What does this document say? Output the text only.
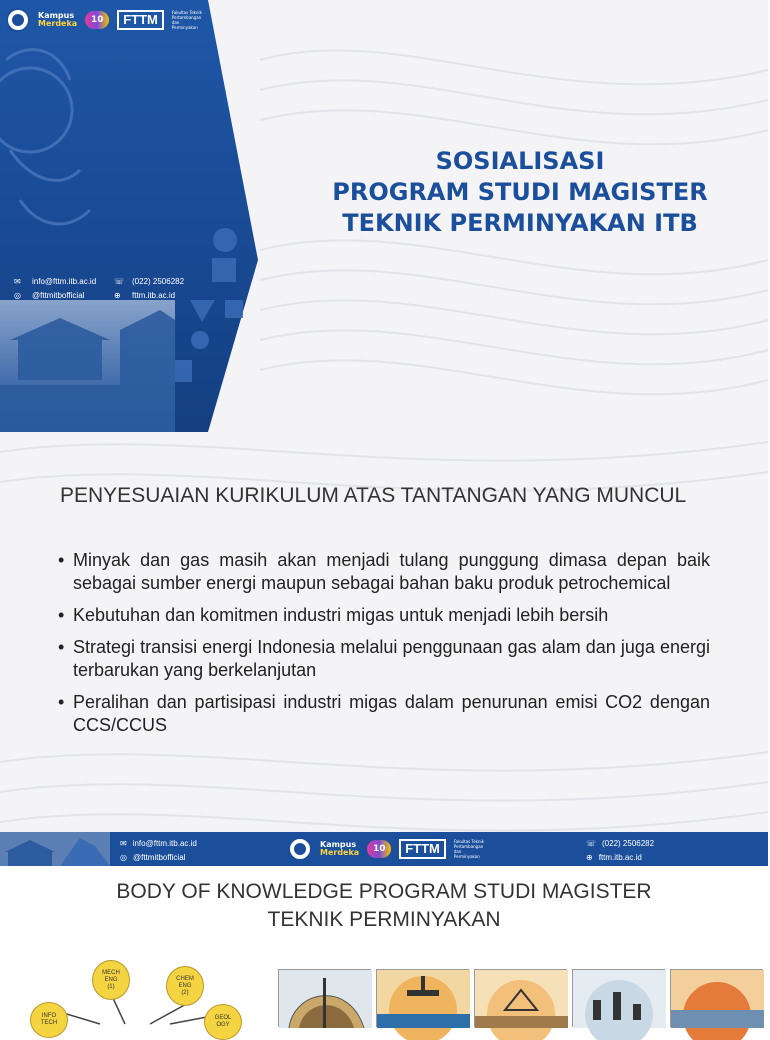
Kampus
Merdeka	10	FTTM	Fakultas Teknik Pertambangan dan Perminyakan
✉	info@fttm.itb.ac.id ☏ (022) 2506282
◎	@fttmitbofficial	⊕	fttm.itb.ac.id
SOSIALISASI
PROGRAM STUDI MAGISTER
TEKNIK PERMINYAKAN ITB
PENYESUAIAN KURIKULUM ATAS TANTANGAN YANG MUNCUL
• Minyak dan gas masih akan menjadi tulang punggung dimasa depan baik sebagai sumber energi maupun sebagai bahan baku produk petrochemical
• Kebutuhan dan komitmen industri migas untuk menjadi lebih bersih
• Strategi transisi energi Indonesia melalui penggunaan gas alam dan juga energi terbarukan yang berkelanjutan
• Peralihan dan partisipasi industri migas dalam penurunan emisi CO2 dengan CCS/CCUS
✉ info@fttm.itb.ac.id
◎ @fttmitbofficial
Kampus
Merdeka	10	FTTM	Fakultas Teknik Pertambangan dan Perminyakan
☏ (022) 2506282
⊕ fttm.itb.ac.id
BODY OF KNOWLEDGE PROGRAM STUDI MAGISTER
TEKNIK PERMINYAKAN
MECH
ENG
(1)
CHEM
ENG
(2)
INFO
TECH
GEOL
OGY
